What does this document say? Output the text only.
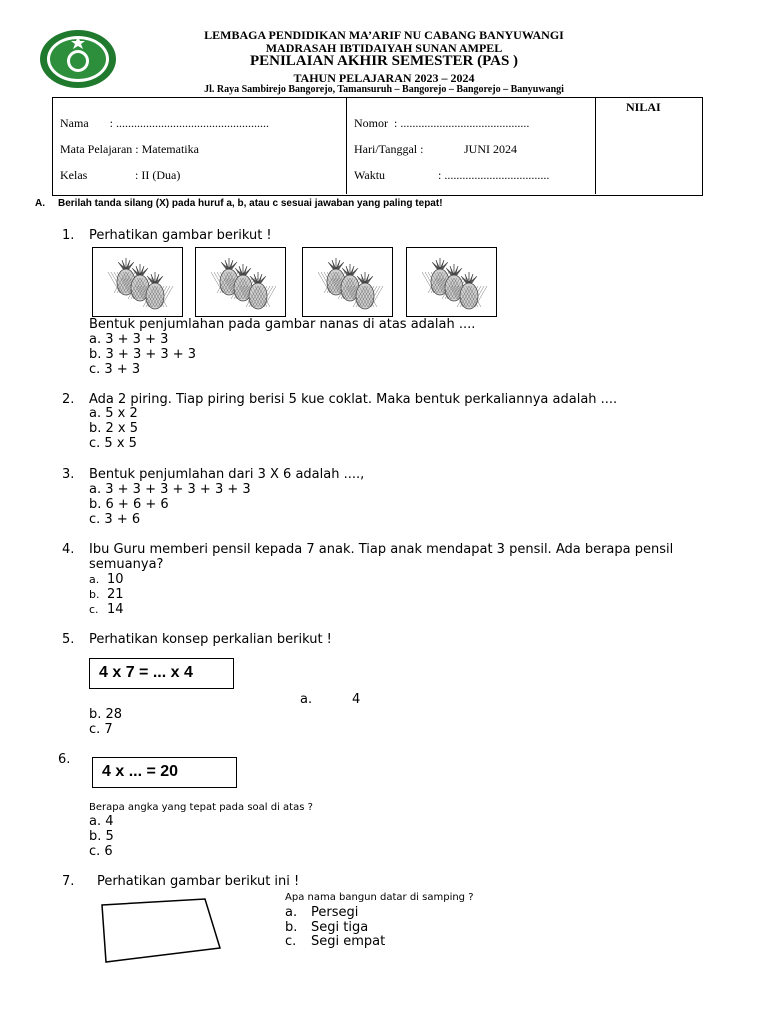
LEMBAGA PENDIDIKAN MA’ARIF NU CABANG BANYUWANGI
MADRASAH IBTIDAIYAH SUNAN AMPEL
PENILAIAN AKHIR SEMESTER (PAS )
TAHUN PELAJARAN 2023 – 2024
Jl. Raya Sambirejo Bangorejo, Tamansuruh – Bangorejo – Bangorejo – Banyuwangi
Nama       : ...................................................	Nomor  : ...........................................
Mata Pelajaran : Matematika	Hari/Tanggal :	JUNI 2024
Kelas	: II (Dua)	Waktu	: ...................................
NILAI
A. Berilah tanda silang (X) pada huruf a, b, atau c sesuai jawaban yang paling tepat!
1. Perhatikan gambar berikut !
Bentuk penjumlahan pada gambar nanas di atas adalah ....
a. 3 + 3 + 3
b. 3 + 3 + 3 + 3
c. 3 + 3
2. Ada 2 piring. Tiap piring berisi 5 kue coklat. Maka bentuk perkaliannya adalah ....
a. 5 x 2
b. 2 x 5
c. 5 x 5
3. Bentuk penjumlahan dari 3 X 6 adalah ....,
a. 3 + 3 + 3 + 3 + 3 + 3
b. 6 + 6 + 6
c. 3 + 6
4. Ibu Guru memberi pensil kepada 7 anak. Tiap anak mendapat 3 pensil. Ada berapa pensil
semuanya?
a. 10
b. 21
c. 14
5. Perhatikan konsep perkalian berikut !
4 x 7 = ... x 4
a.	4
b. 28
c. 7
6.
4 x ... = 20
Berapa angka yang tepat pada soal di atas ?
a. 4
b. 5
c. 6
7. Perhatikan gambar berikut ini !
Apa nama bangun datar di samping ?
a. Persegi
b. Segi tiga
c. Segi empat
